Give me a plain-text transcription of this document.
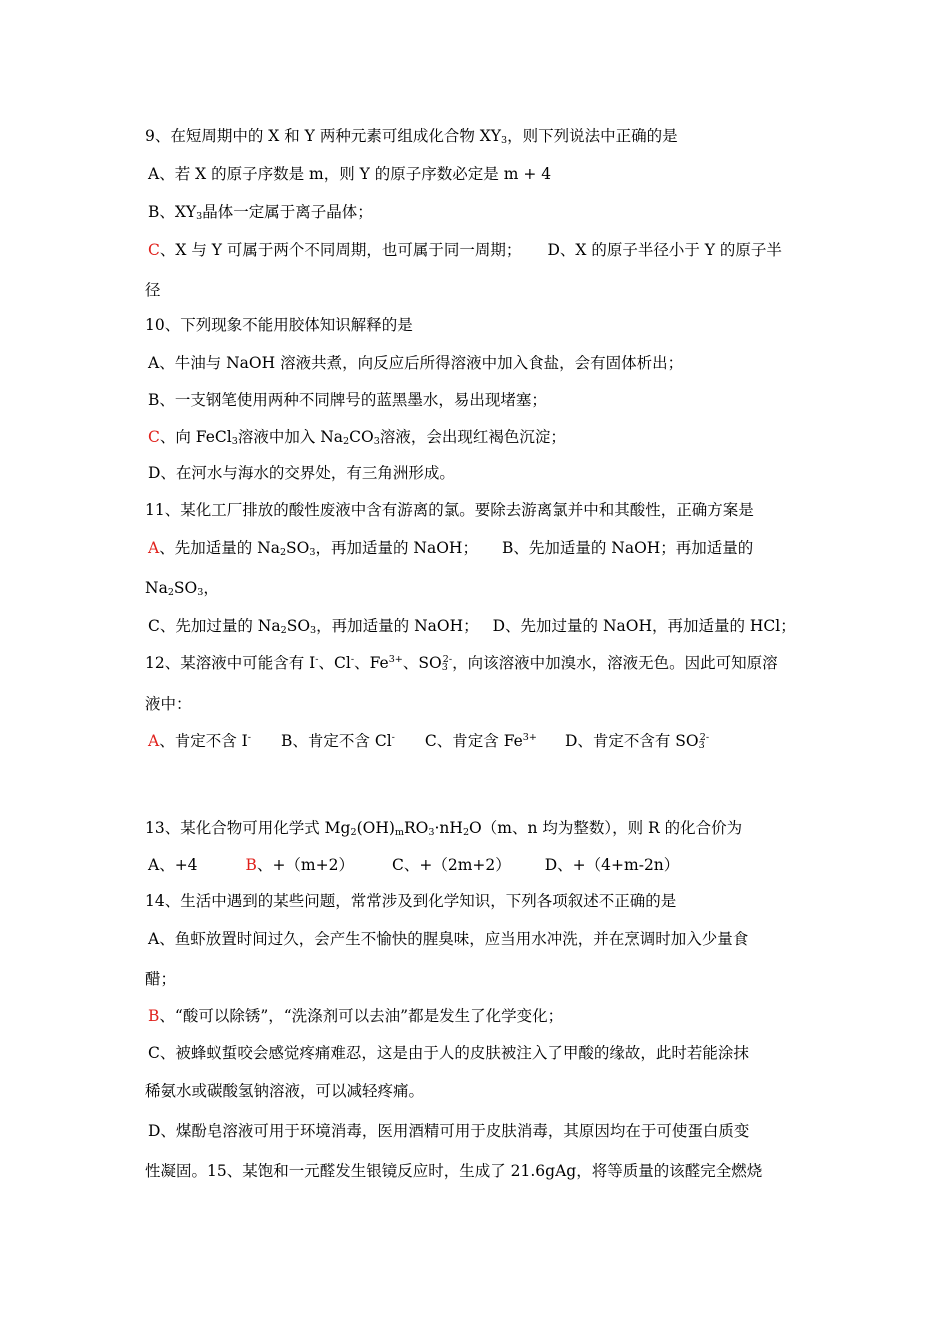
9、在短周期中的 X 和 Y 两种元素可组成化合物 $XY_3$，则下列说法中正确的是
A、若 X 的原子序数是 m，则 Y 的原子序数必定是 m + 4
B、$XY_3$晶体一定属于离子晶体；
C、X 与 Y 可属于两个不同周期，也可属于同一周期； D、X 的原子半径小于 Y 的原子半
径
10、下列现象不能用胶体知识解释的是
A、牛油与 NaOH 溶液共煮，向反应后所得溶液中加入食盐，会有固体析出；
B、一支钢笔使用两种不同牌号的蓝黑墨水，易出现堵塞；
C、向 FeCl$_3$溶液中加入 $Na_2CO_3$溶液，会出现红褐色沉淀；
D、在河水与海水的交界处，有三角洲形成。
11、某化工厂排放的酸性废液中含有游离的氯。要除去游离氯并中和其酸性，正确方案是
A、先加适量的 $Na_2SO_3$，再加适量的 NaOH； B、先加适量的 NaOH；再加适量的
$Na_2SO_3$，
C、先加过量的 $Na_2SO_3$，再加适量的 NaOH； D、先加过量的 NaOH，再加适量的 HCl；
12、某溶液中可能含有 I-、Cl-、$Fe^{3+}$、$SO_3^{2-}$，向该溶液中加溴水，溶液无色。因此可知原溶
液中：
A、肯定不含 I- B、肯定不含 Cl- C、肯定含 $Fe^{3+}$ D、肯定不含有 $SO_3^{2-}$
13、某化合物可用化学式 $Mg_2(OH)_mRO_3\cdot nH_2O(m$、n 均为整数），则 R 的化合价为
A、+4	B、+（m+2） C、+（2m+2） D、+（4+m-2n）
14、生活中遇到的某些问题，常常涉及到化学知识，下列各项叙述不正确的是
A、鱼虾放置时间过久，会产生不愉快的腥臭味，应当用水冲洗，并在烹调时加入少量食
醋；
B、“酸可以除锈”，“洗涤剂可以去油”都是发生了化学变化；
C、被蜂蚁蜇咬会感觉疼痛难忍，这是由于人的皮肤被注入了甲酸的缘故，此时若能涂抹
稀氨水或碳酸氢钠溶液，可以减轻疼痛。
D、煤酚皂溶液可用于环境消毒，医用酒精可用于皮肤消毒，其原因均在于可使蛋白质变
性凝固。15、某饱和一元醛发生银镜反应时，生成了 21.6gAg，将等质量的该醛完全燃烧
